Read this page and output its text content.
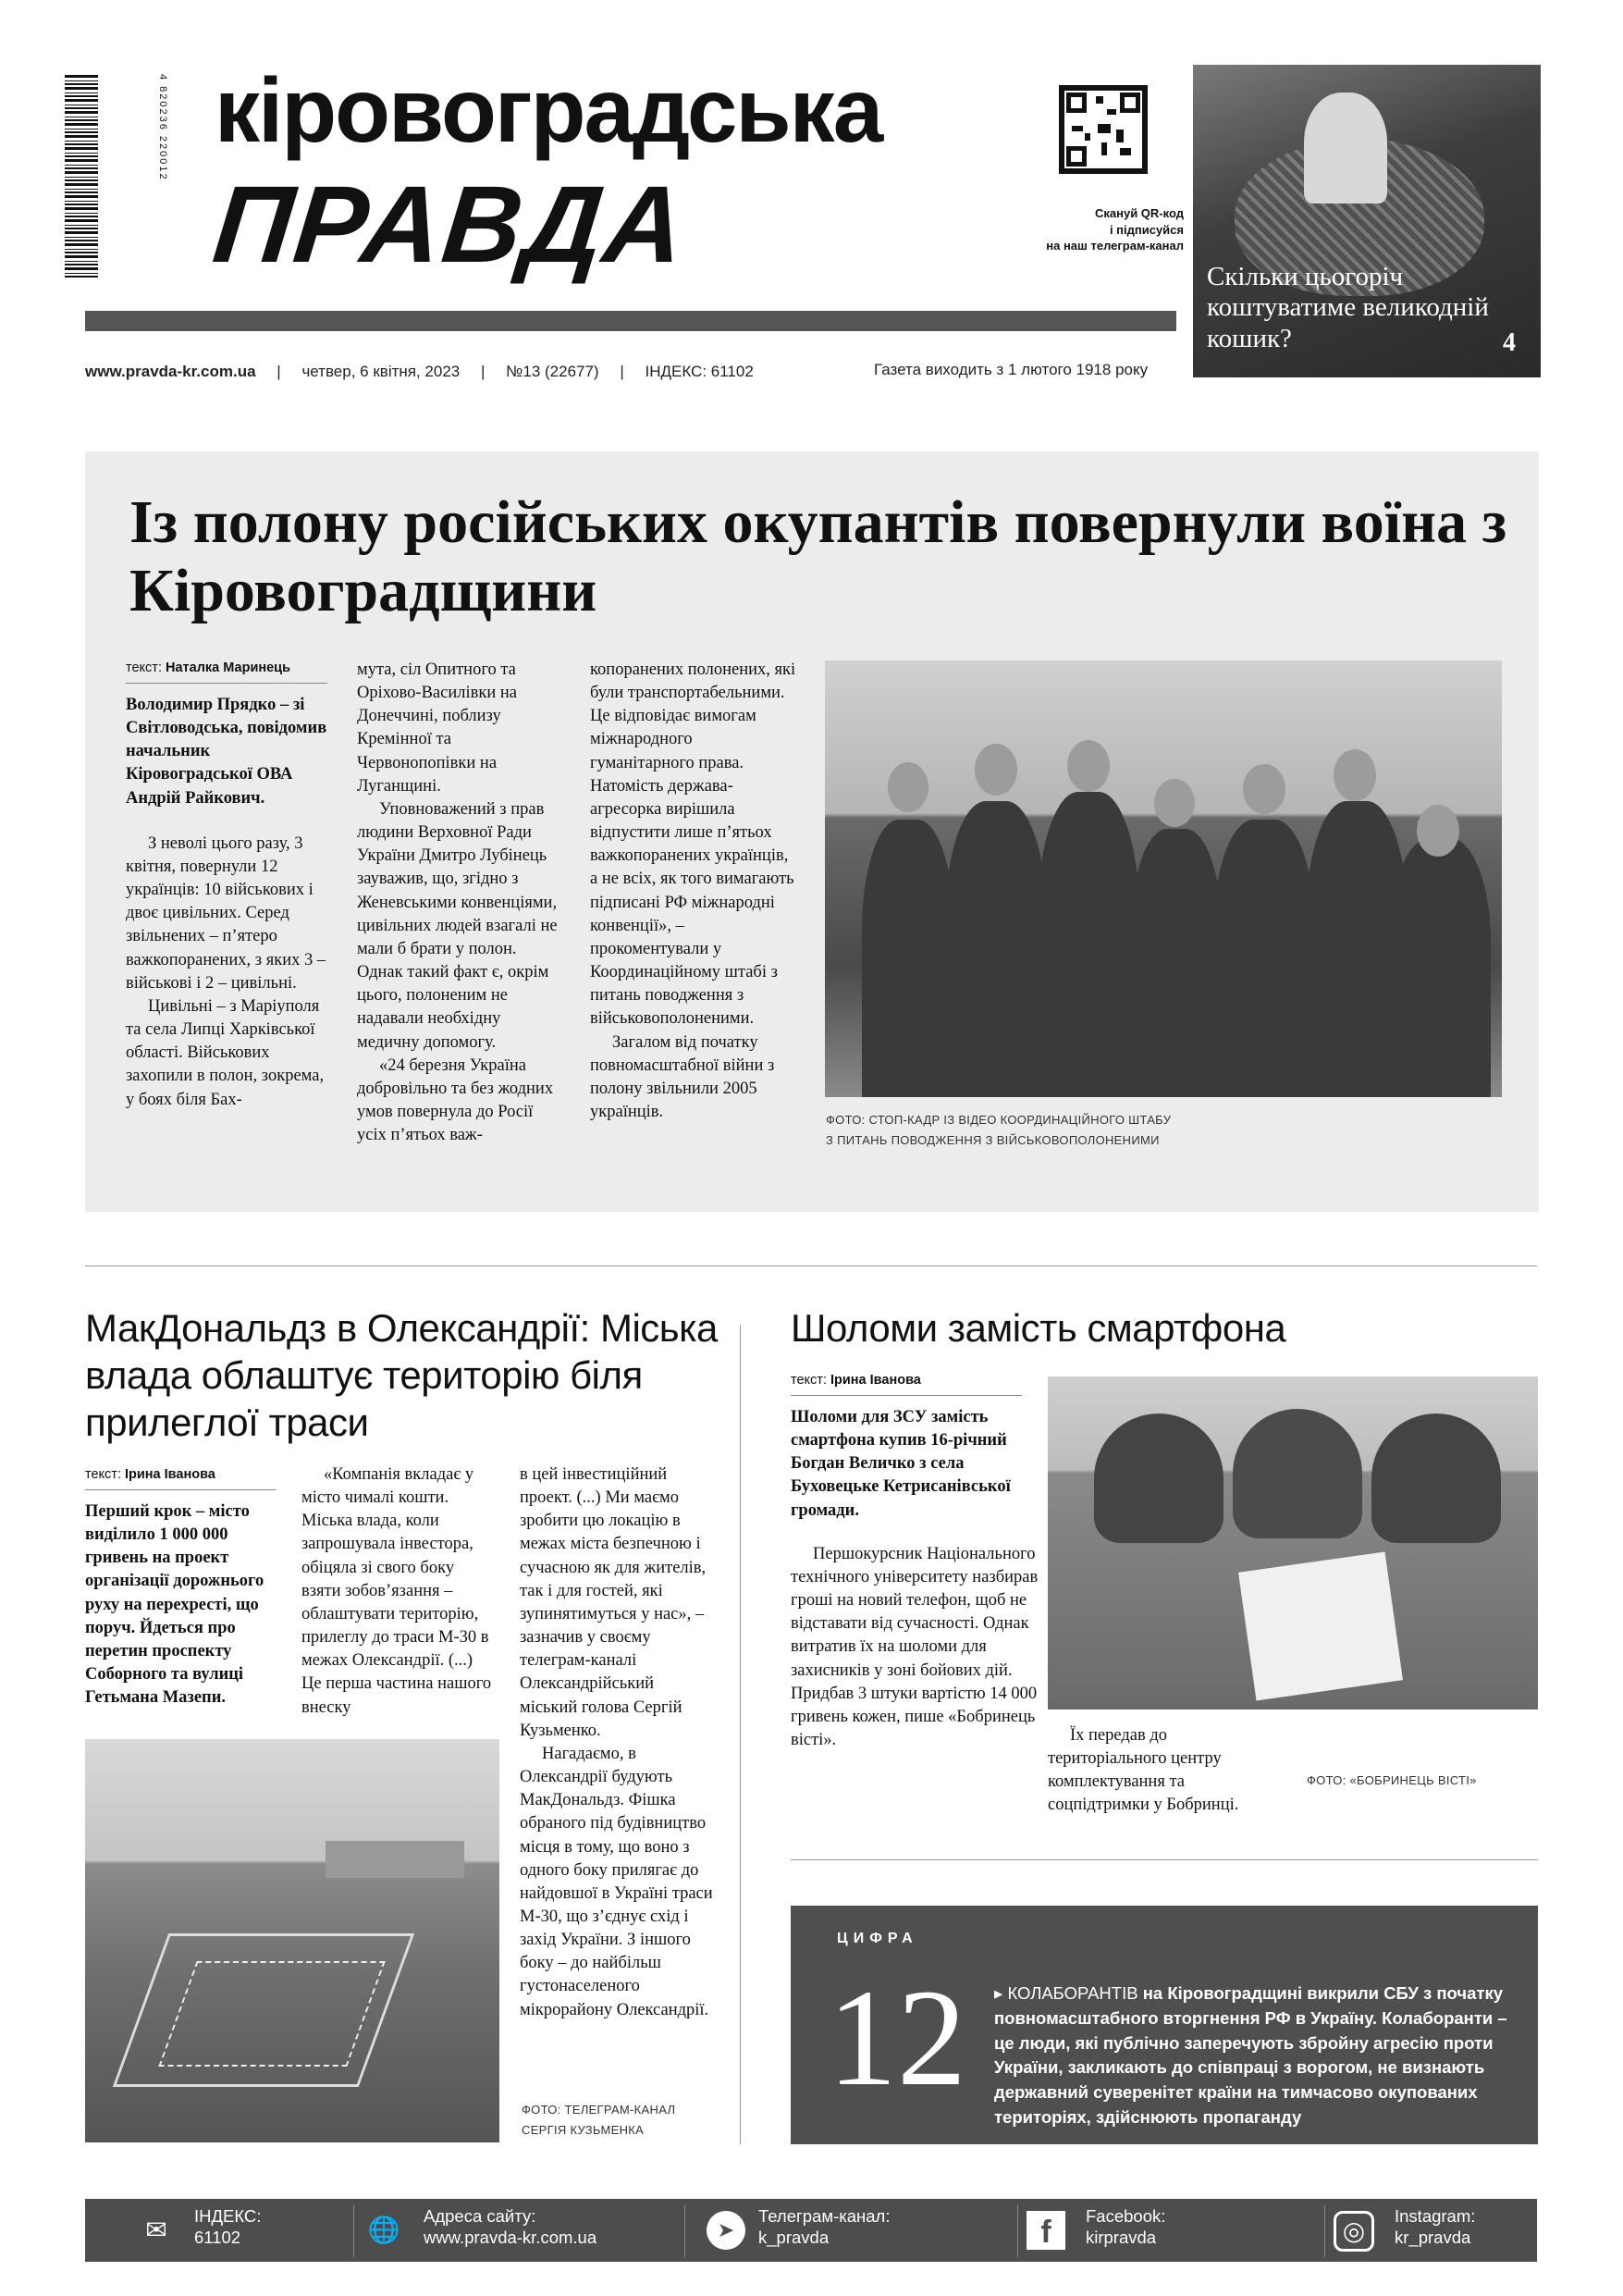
4 820236 220012 кіровоградська
ПРАВДА	Скануй QR-код
і підписуйся
на наш телеграм-канал
www.pravda-kr.com.ua | четвер, 6 квітня, 2023 | №13 (22677) | ІНДЕКС: 61102	Газета виходить з 1 лютого 1918 року
Скільки цьогоріч коштуватиме великодній кошик?	4
Із полону російських окупантів повернули воїна з Кіровоградщини
текст: Наталка Маринець

Володимир Прядко – зі Світловодська, повідомив начальник Кіровоградської ОВА Андрій Райкович.

З неволі цього разу, 3 квітня, повернули 12 українців: 10 військових і двоє цивільних. Серед звільнених – п’ятеро важкопоранених, з яких 3 – військові і 2 – цивільні.

Цивільні – з Маріуполя та села Липці Харківської області. Військових захопили в полон, зокрема, у боях біля Бах-

мута, сіл Опитного та Оріхово-Василівки на Донеччині, поблизу Кремінної та Червонопопівки на Луганщині.

Уповноважений з прав людини Верховної Ради України Дмитро Лубінець зауважив, що, згідно з Женевськими конвенціями, цивільних людей взагалі не мали б брати у полон. Однак такий факт є, окрім цього, полоненим не надавали необхідну медичну допомогу.

«24 березня Україна добровільно та без жодних умов повернула до Росії усіх п’ятьох важ-

копоранених полонених, які були транспортабельними. Це відповідає вимогам міжнародного гуманітарного права. Натомість держава-агресорка вирішила відпустити лише п’ятьох важкопоранених українців, а не всіх, як того вимагають підписані РФ міжнародні конвенції», – прокоментували у Координаційному штабі з питань поводження з військовополоненими.

Загалом від початку повномасштабної війни з полону звільнили 2005 українців.	ФОТО: СТОП-КАДР ІЗ ВІДЕО КООРДИНАЦІЙНОГО ШТАБУ
З ПИТАНЬ ПОВОДЖЕННЯ З ВІЙСЬКОВОПОЛОНЕНИМИ
МакДональдз в Олександрії: Міська влада облаштує територію біля прилеглої траси
текст: Ірина Іванова

Перший крок – місто виділило 1 000 000 гривень на проект організації дорожнього руху на перехресті, що поруч. Йдеться про перетин проспекту Соборного та вулиці Гетьмана Мазепи.

«Компанія вкладає у місто чималі кошти. Міська влада, коли запрошувала інвестора, обіцяла зі свого боку взяти зобов’язання – облаштувати територію, прилеглу до траси М-30 в межах Олександрії. (...) Це перша частина нашого внеску

в цей інвестиційний проект. (...) Ми маємо зробити цю локацію в межах міста безпечною і сучасною як для жителів, так і для гостей, які зупинятимуться у нас», – зазначив у своєму телеграм-каналі Олександрійський міський голова Сергій Кузьменко.

Нагадаємо, в Олександрії будують МакДональдз. Фішка обраного під будівництво місця в тому, що воно з одного боку прилягає до найдовшої в Україні траси М-30, що з’єднує схід і захід України. З іншого боку – до найбільш густонаселеного мікрорайону Олександрії.

ФОТО: ТЕЛЕГРАМ-КАНАЛ
СЕРГІЯ КУЗЬМЕНКА
Шоломи замість смартфона
текст: Ірина Іванова

Шоломи для ЗСУ замість смартфона купив 16-річний Богдан Величко з села Буховецьке Кетрисанівської громади.

Першокурсник Національного технічного університету назбирав гроші на новий телефон, щоб не відставати від сучасності. Однак витратив їх на шоломи для захисників у зоні бойових дій. Придбав 3 штуки вартістю 14 000 гривень кожен, пише «Бобринець вісті».	Їх передав до територіального центру комплектування та соцпідтримки у Бобринці.

ФОТО: «БОБРИНЕЦЬ ВІСТІ»
ЦИФРА
12 ▸ КОЛАБОРАНТІВ на Кіровоградщині викрили СБУ з початку повномасштабного вторгнення РФ в Україну. Колаборанти – це люди, які публічно заперечують збройну агресію проти України, закликають до співпраці з ворогом, не визнають державний суверенітет країни на тимчасово окупованих територіях, здійснюють пропаганду
✉	ІНДЕКС:
61102	🌐	Адреса сайту:
www.pravda-kr.com.ua	➤
Телеграм-канал:
k_pravda	f	Facebook:
kirpravda	◎
Instagram:
kr_pravda
